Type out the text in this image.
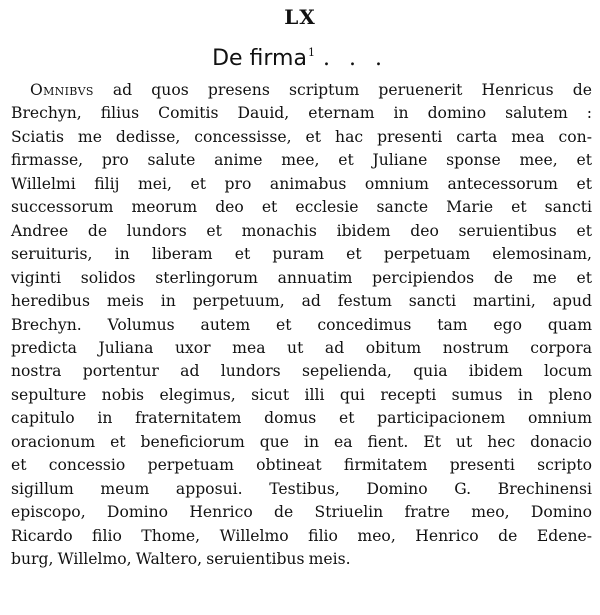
LX
De firma$^1$ . . .
Omnibvs ad quos presens scriptum peruenerit Henricus de
Brechyn, filius Comitis Dauid, eternam in domino salutem :
Sciatis me dedisse, concessisse, et hac presenti carta mea con-
firmasse, pro salute anime mee, et Juliane sponse mee, et
Willelmi filij mei, et pro animabus omnium antecessorum et
successorum meorum deo et ecclesie sancte Marie et sancti
Andree de lundors et monachis ibidem deo seruientibus et
seruituris, in liberam et puram et perpetuam elemosinam,
viginti solidos sterlingorum annuatim percipiendos de me et
heredibus meis in perpetuum, ad festum sancti martini, apud
Brechyn. Volumus autem et concedimus tam ego quam
predicta Juliana uxor mea ut ad obitum nostrum corpora
nostra portentur ad lundors sepelienda, quia ibidem locum
sepulture nobis elegimus, sicut illi qui recepti sumus in pleno
capitulo in fraternitatem domus et participacionem omnium
oracionum et beneficiorum que in ea fient. Et ut hec donacio
et concessio perpetuam obtineat firmitatem presenti scripto
sigillum meum apposui. Testibus, Domino G. Brechinensi
episcopo, Domino Henrico de Striuelin fratre meo, Domino
Ricardo filio Thome, Willelmo filio meo, Henrico de Edene-
burg, Willelmo, Waltero, seruientibus meis.
